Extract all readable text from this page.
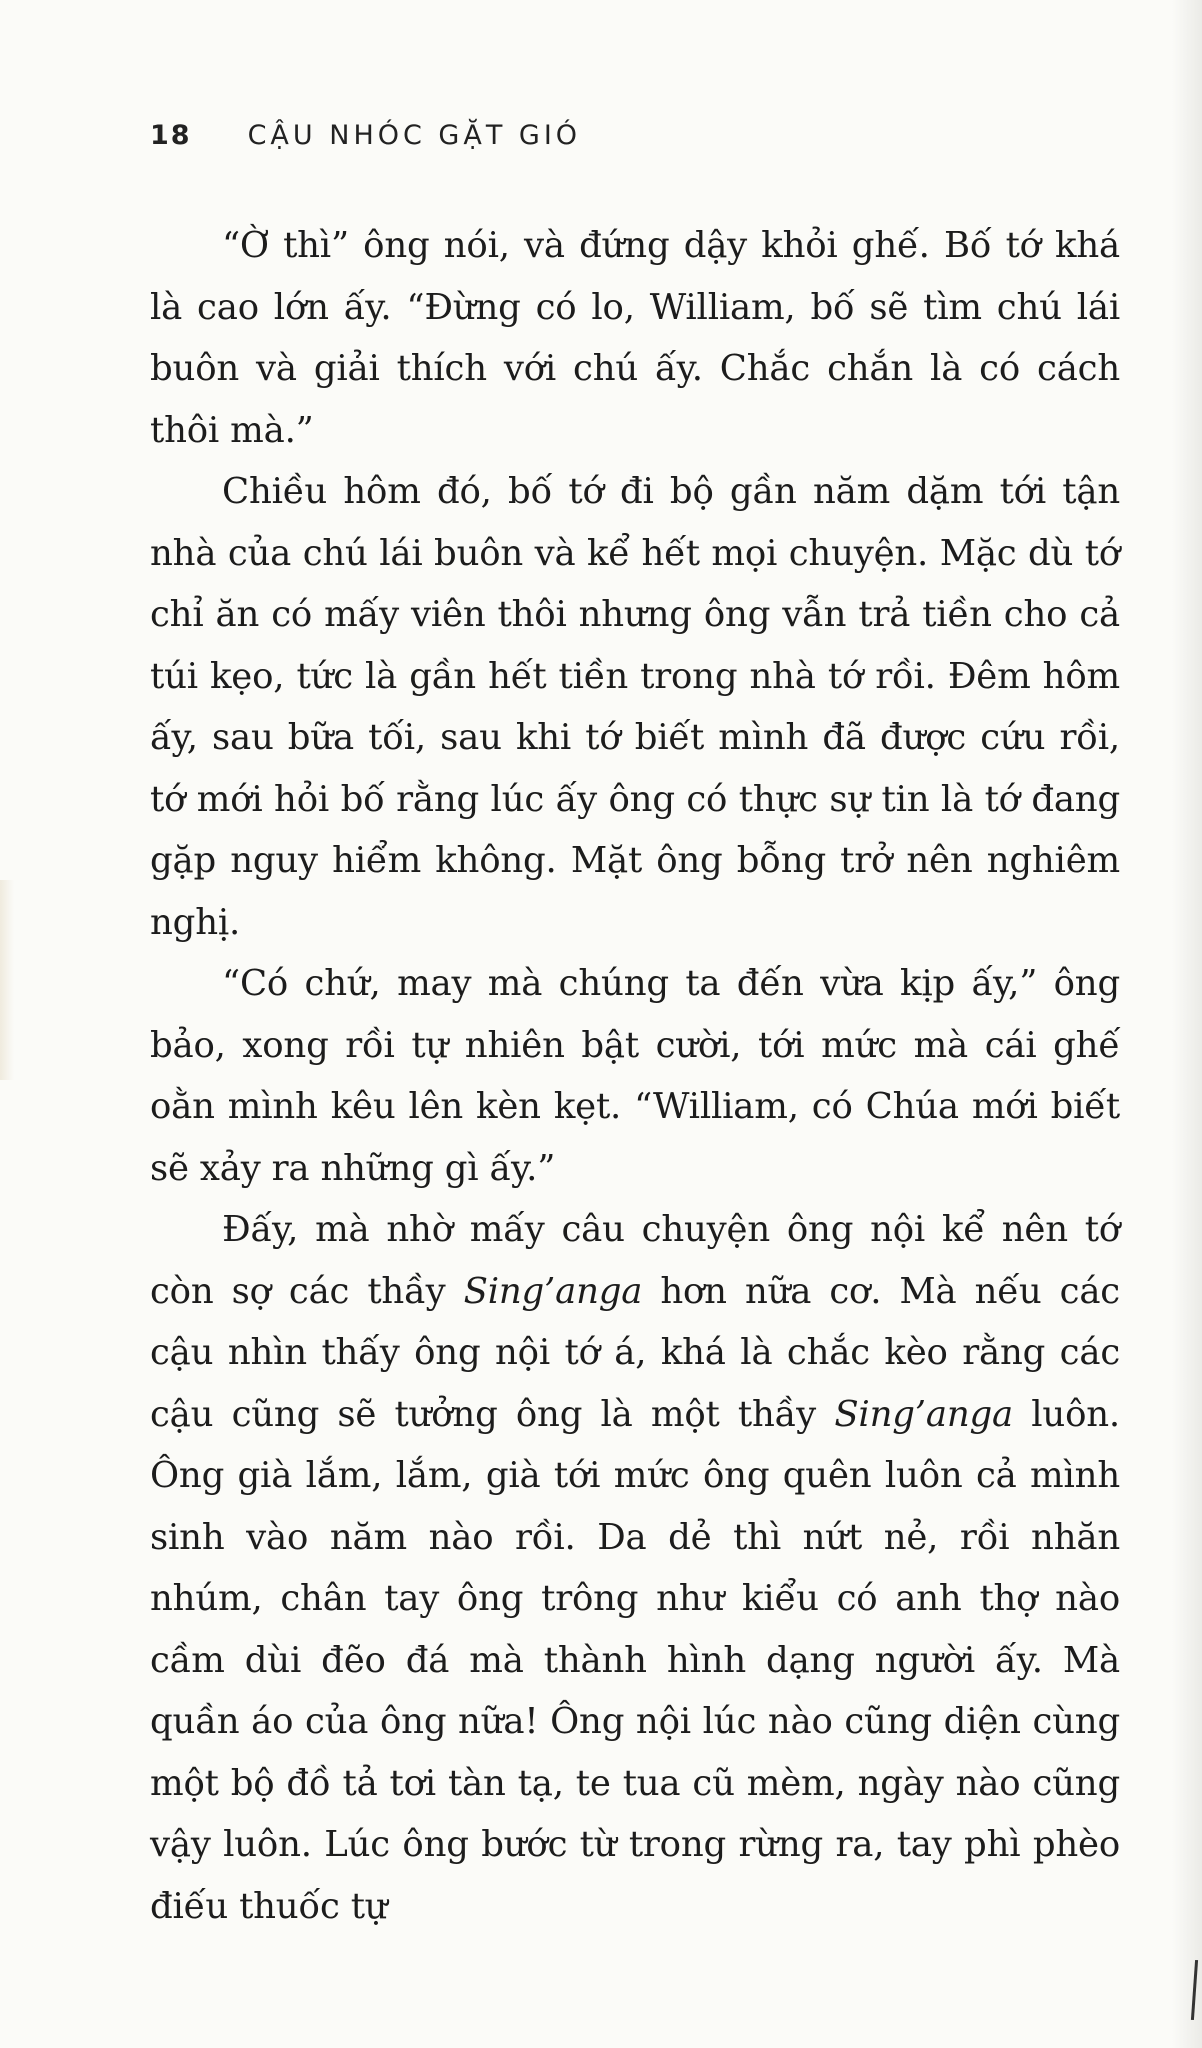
18 CẬU NHÓC GẶT GIÓ

“Ờ thì” ông nói, và đứng dậy khỏi ghế. Bố tớ khá là cao lớn ấy. “Đừng có lo, William, bố sẽ tìm chú lái buôn và giải thích với chú ấy. Chắc chắn là có cách thôi mà.”

Chiều hôm đó, bố tớ đi bộ gần năm dặm tới tận nhà của chú lái buôn và kể hết mọi chuyện. Mặc dù tớ chỉ ăn có mấy viên thôi nhưng ông vẫn trả tiền cho cả túi kẹo, tức là gần hết tiền trong nhà tớ rồi. Đêm hôm ấy, sau bữa tối, sau khi tớ biết mình đã được cứu rồi, tớ mới hỏi bố rằng lúc ấy ông có thực sự tin là tớ đang gặp nguy hiểm không. Mặt ông bỗng trở nên nghiêm nghị.

“Có chứ, may mà chúng ta đến vừa kịp ấy,” ông bảo, xong rồi tự nhiên bật cười, tới mức mà cái ghế oằn mình kêu lên kèn kẹt. “William, có Chúa mới biết sẽ xảy ra những gì ấy.”

Đấy, mà nhờ mấy câu chuyện ông nội kể nên tớ còn sợ các thầy Sing’anga hơn nữa cơ. Mà nếu các cậu nhìn thấy ông nội tớ á, khá là chắc kèo rằng các cậu cũng sẽ tưởng ông là một thầy Sing’anga luôn. Ông già lắm, lắm, già tới mức ông quên luôn cả mình sinh vào năm nào rồi. Da dẻ thì nứt nẻ, rồi nhăn nhúm, chân tay ông trông như kiểu có anh thợ nào cầm dùi đẽo đá mà thành hình dạng người ấy. Mà quần áo của ông nữa! Ông nội lúc nào cũng diện cùng một bộ đồ tả tơi tàn tạ, te tua cũ mèm, ngày nào cũng vậy luôn. Lúc ông bước từ trong rừng ra, tay phì phèo điếu thuốc tự
